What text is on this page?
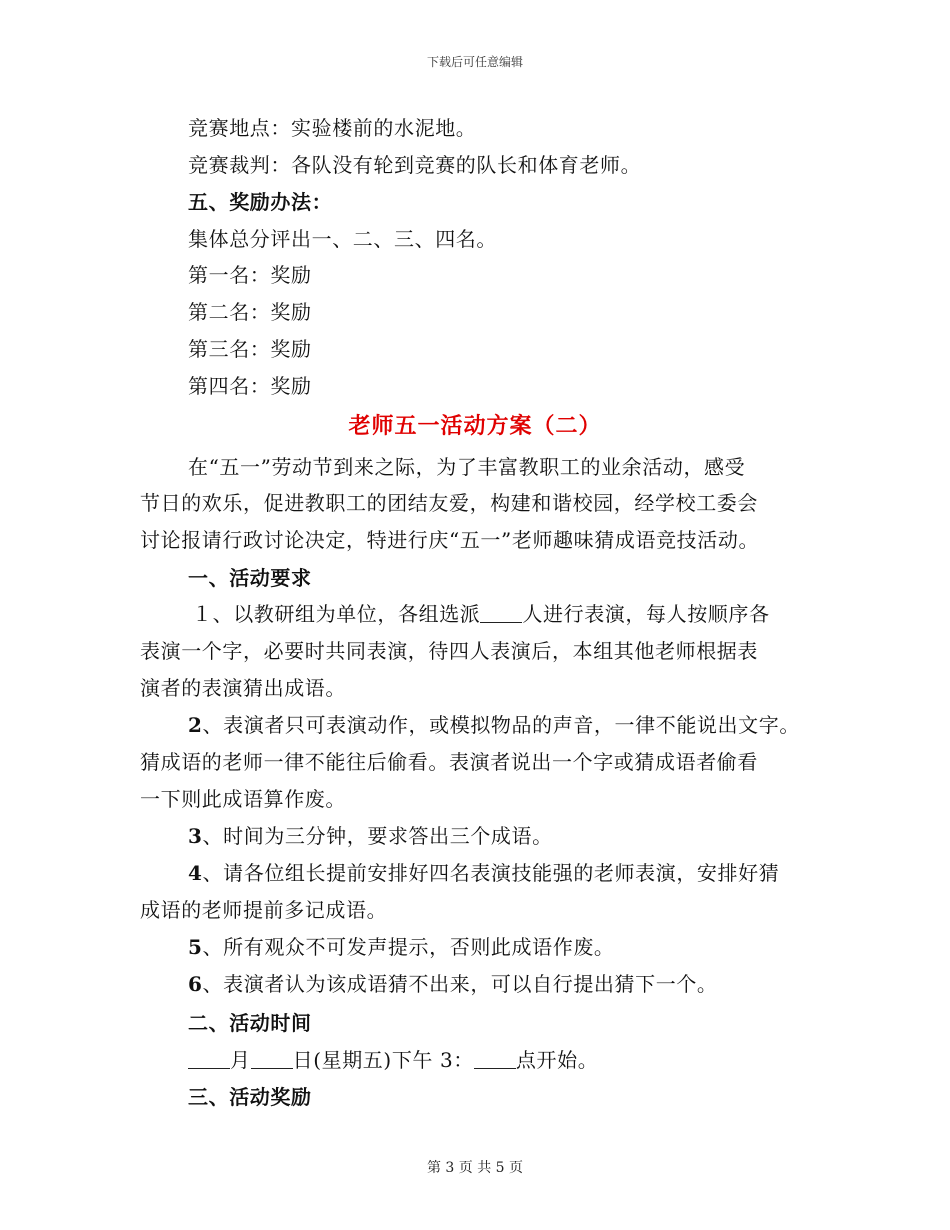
下载后可任意编辑
竞赛地点：实验楼前的水泥地。
竞赛裁判：各队没有轮到竞赛的队长和体育老师。
五、奖励办法：
集体总分评出一、二、三、四名。
第一名：奖励
第二名：奖励
第三名：奖励
第四名：奖励
老师五一活动方案（二）
在“五一”劳动节到来之际，为了丰富教职工的业余活动，感受
节日的欢乐，促进教职工的团结友爱，构建和谐校园，经学校工委会
讨论报请行政讨论决定，特进行庆“五一”老师趣味猜成语竞技活动。
一、活动要求
１、以教研组为单位，各组选派 人进行表演，每人按顺序各
表演一个字，必要时共同表演，待四人表演后，本组其他老师根据表
演者的表演猜出成语。
2、表演者只可表演动作，或模拟物品的声音，一律不能说出文字。
猜成语的老师一律不能往后偷看。表演者说出一个字或猜成语者偷看
一下则此成语算作废。
3、时间为三分钟，要求答出三个成语。
4、请各位组长提前安排好四名表演技能强的老师表演，安排好猜
成语的老师提前多记成语。
5、所有观众不可发声提示，否则此成语作废。
6、表演者认为该成语猜不出来，可以自行提出猜下一个。
二、活动时间
月 日(星期五)下午 3： 点开始。
三、活动奖励
第 3 页 共 5 页
